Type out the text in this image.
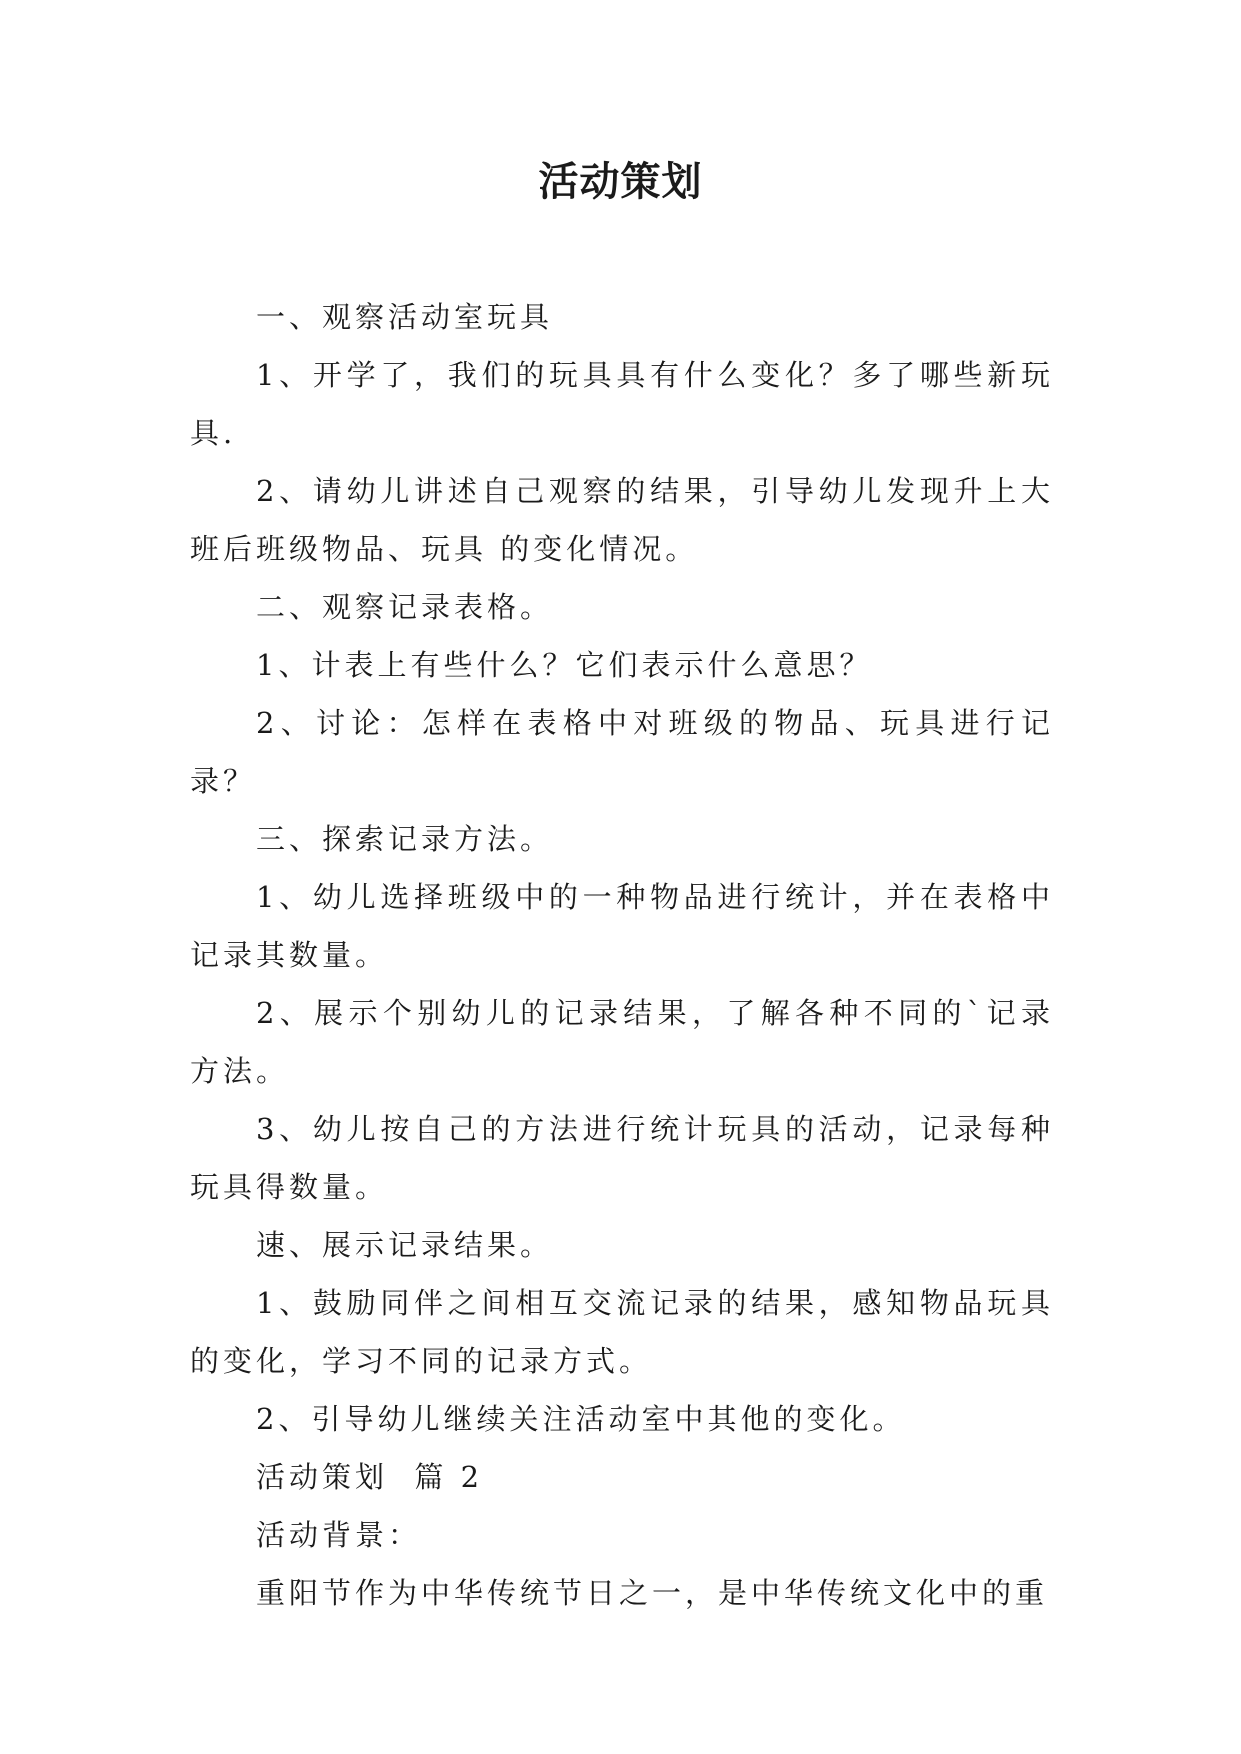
活动策划

一、观察活动室玩具

1、开学了，我们的玩具具有什么变化？多了哪些新玩具.

2、请幼儿讲述自己观察的结果，引导幼儿发现升上大班后班级物品、玩具 的变化情况。

二、观察记录表格。

1、计表上有些什么？它们表示什么意思？

2、讨论：怎样在表格中对班级的物品、玩具进行记录？

三、探索记录方法。

1、幼儿选择班级中的一种物品进行统计，并在表格中记录其数量。

2、展示个别幼儿的记录结果，了解各种不同的`记录方法。

3、幼儿按自己的方法进行统计玩具的活动，记录每种玩具得数量。

速、展示记录结果。

1、鼓励同伴之间相互交流记录的结果，感知物品玩具的变化，学习不同的记录方式。

2、引导幼儿继续关注活动室中其他的变化。

活动策划  篇 2

活动背景：

重阳节作为中华传统节日之一，是中华传统文化中的重
